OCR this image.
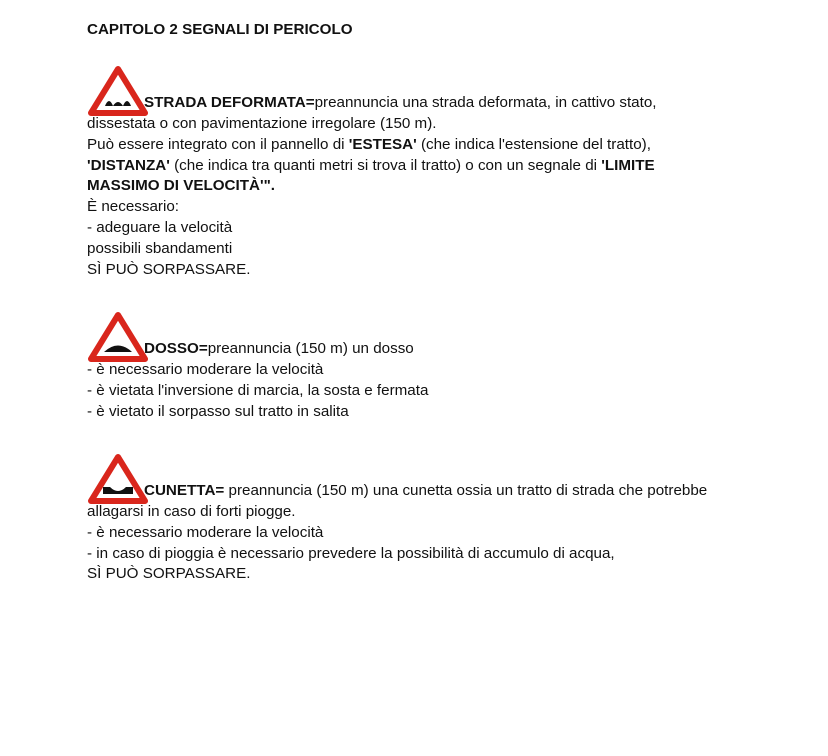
CAPITOLO 2 SEGNALI DI PERICOLO
STRADA DEFORMATA=preannuncia una strada deformata, in cattivo stato,
dissestata o con pavimentazione irregolare (150 m).
Può essere integrato con il pannello di 'ESTESA' (che indica l'estensione del tratto),
'DISTANZA' (che indica tra quanti metri si trova il tratto) o con un segnale di 'LIMITE
MASSIMO DI VELOCITÀ'".
È necessario:
- adeguare la velocità
possibili sbandamenti
SÌ PUÒ SORPASSARE.
DOSSO=preannuncia (150 m) un dosso
- è necessario moderare la velocità
- è vietata l'inversione di marcia, la sosta e fermata
- è vietato il sorpasso sul tratto in salita
CUNETTA= preannuncia (150 m) una cunetta ossia un tratto di strada che potrebbe
allagarsi in caso di forti piogge.
- è necessario moderare la velocità
- in caso di pioggia è necessario prevedere la possibilità di accumulo di acqua,
SÌ PUÒ SORPASSARE.
